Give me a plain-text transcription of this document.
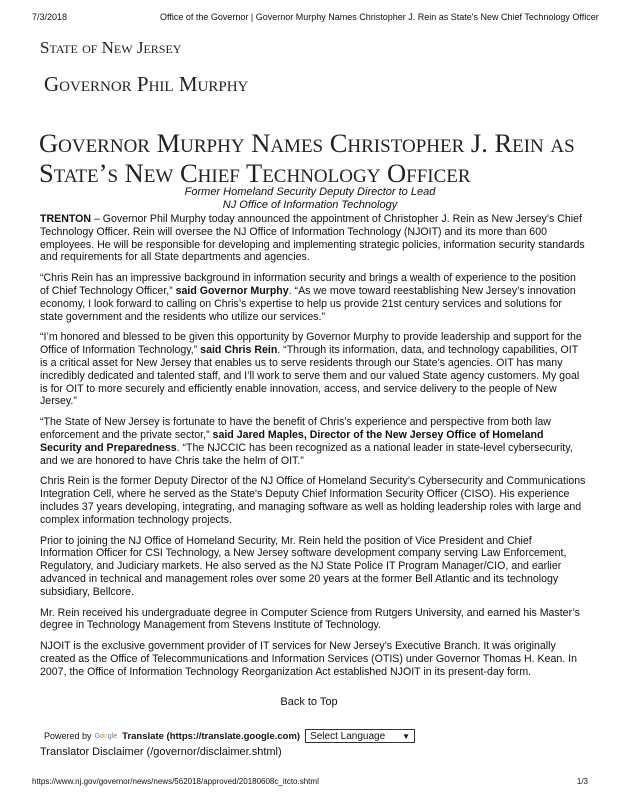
7/3/2018	Office of the Governor | Governor Murphy Names Christopher J. Rein as State's New Chief Technology Officer
State of New Jersey
Governor Phil Murphy
Governor Murphy Names Christopher J. Rein as
State’s New Chief Technology Officer
Former Homeland Security Deputy Director to Lead
NJ Office of Information Technology

TRENTON – Governor Phil Murphy today announced the appointment of Christopher J. Rein as New Jersey’s Chief Technology Officer. Rein will oversee the NJ Office of Information Technology (NJOIT) and its more than 600 employees. He will be responsible for developing and implementing strategic policies, information security standards and requirements for all State departments and agencies.

“Chris Rein has an impressive background in information security and brings a wealth of experience to the position of Chief Technology Officer,” said Governor Murphy. “As we move toward reestablishing New Jersey’s innovation economy, I look forward to calling on Chris’s expertise to help us provide 21st century services and solutions for state government and the residents who utilize our services.”

“I’m honored and blessed to be given this opportunity by Governor Murphy to provide leadership and support for the Office of Information Technology,” said Chris Rein. “Through its information, data, and technology capabilities, OIT is a critical asset for New Jersey that enables us to serve residents through our State’s agencies. OIT has many incredibly dedicated and talented staff, and I’ll work to serve them and our valued State agency customers. My goal is for OIT to more securely and efficiently enable innovation, access, and service delivery to the people of New Jersey.”

“The State of New Jersey is fortunate to have the benefit of Chris’s experience and perspective from both law enforcement and the private sector,” said Jared Maples, Director of the New Jersey Office of Homeland Security and Preparedness. “The NJCCIC has been recognized as a national leader in state-level cybersecurity, and we are honored to have Chris take the helm of OIT.”

Chris Rein is the former Deputy Director of the NJ Office of Homeland Security’s Cybersecurity and Communications Integration Cell, where he served as the State's Deputy Chief Information Security Officer (CISO). His experience includes 37 years developing, integrating, and managing software as well as holding leadership roles with large and complex information technology projects.

Prior to joining the NJ Office of Homeland Security, Mr. Rein held the position of Vice President and Chief Information Officer for CSI Technology, a New Jersey software development company serving Law Enforcement, Regulatory, and Judiciary markets. He also served as the NJ State Police IT Program Manager/CIO, and earlier advanced in technical and management roles over some 20 years at the former Bell Atlantic and its technology subsidiary, Bellcore.

Mr. Rein received his undergraduate degree in Computer Science from Rutgers University, and earned his Master’s degree in Technology Management from Stevens Institute of Technology.

NJOIT is the exclusive government provider of IT services for New Jersey’s Executive Branch. It was originally created as the Office of Telecommunications and Information Services (OTIS) under Governor Thomas H. Kean. In 2007, the Office of Information Technology Reorganization Act established NJOIT in its present-day form.

Back to Top
Powered by Google Translate (https://translate.google.com) Select Language ▼
Translator Disclaimer (/governor/disclaimer.shtml)
https://www.nj.gov/governor/news/news/562018/approved/20180608c_itcto.shtml	1/3
